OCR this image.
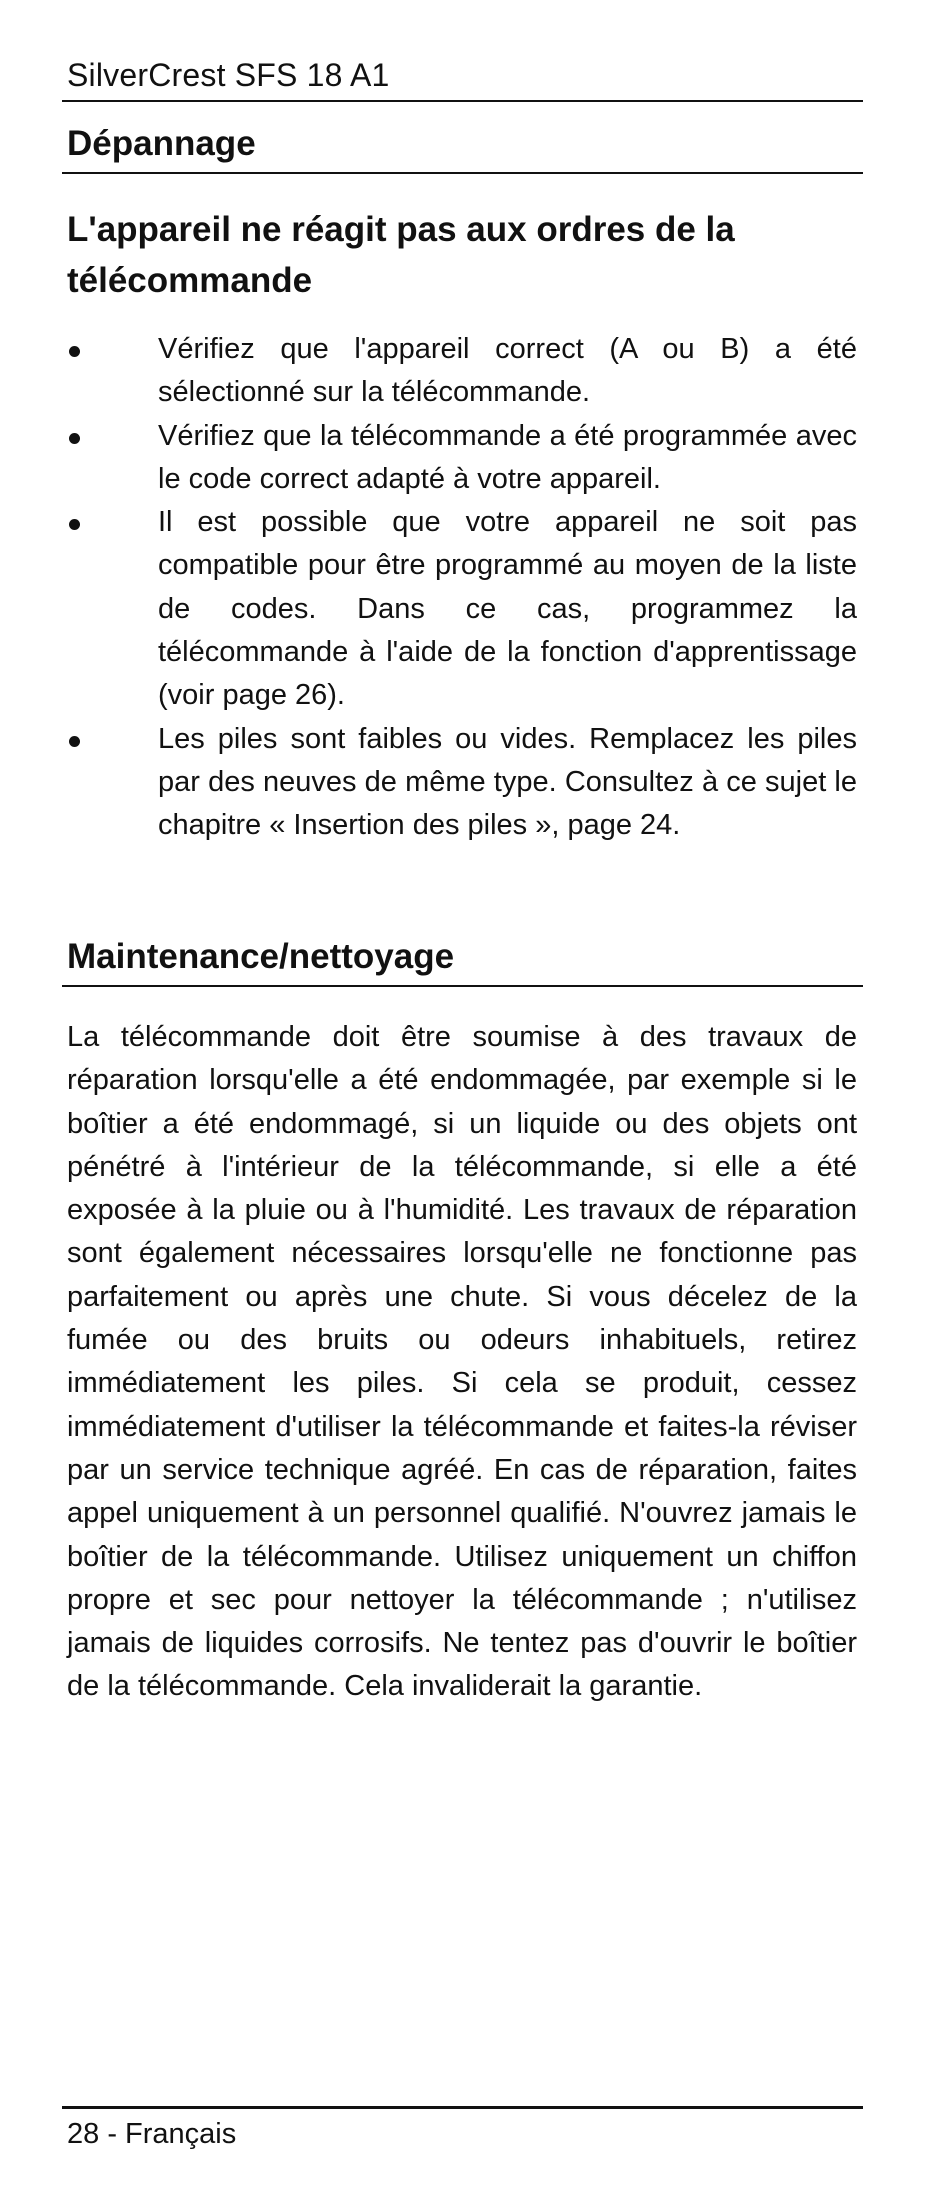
SilverCrest SFS 18 A1
Dépannage
L'appareil ne réagit pas aux ordres de la télécommande
Vérifiez que l'appareil correct (A ou B) a été sélectionné sur la télécommande.
Vérifiez que la télécommande a été programmée avec le code correct adapté à votre appareil.
Il est possible que votre appareil ne soit pas compatible pour être programmé au moyen de la liste de codes. Dans ce cas, programmez la télécommande à l'aide de la fonction d'apprentissage (voir page 26).
Les piles sont faibles ou vides. Remplacez les piles par des neuves de même type. Consultez à ce sujet le chapitre « Insertion des piles », page 24.
Maintenance/nettoyage

La télécommande doit être soumise à des travaux de réparation lorsqu'elle a été endommagée, par exemple si le boîtier a été endommagé, si un liquide ou des objets ont pénétré à l'intérieur de la télécommande, si elle a été exposée à la pluie ou à l'humidité. Les travaux de réparation sont également nécessaires lorsqu'elle ne fonctionne pas parfaitement ou après une chute. Si vous décelez de la fumée ou des bruits ou odeurs inhabituels, retirez immédiatement les piles. Si cela se produit, cessez immédiatement d'utiliser la télécommande et faites-la réviser par un service technique agréé. En cas de réparation, faites appel uniquement à un personnel qualifié. N'ouvrez jamais le boîtier de la télécommande. Utilisez uniquement un chiffon propre et sec pour nettoyer la télécommande ; n'utilisez jamais de liquides corrosifs. Ne tentez pas d'ouvrir le boîtier de la télécommande. Cela invaliderait la garantie.

28 - Français
